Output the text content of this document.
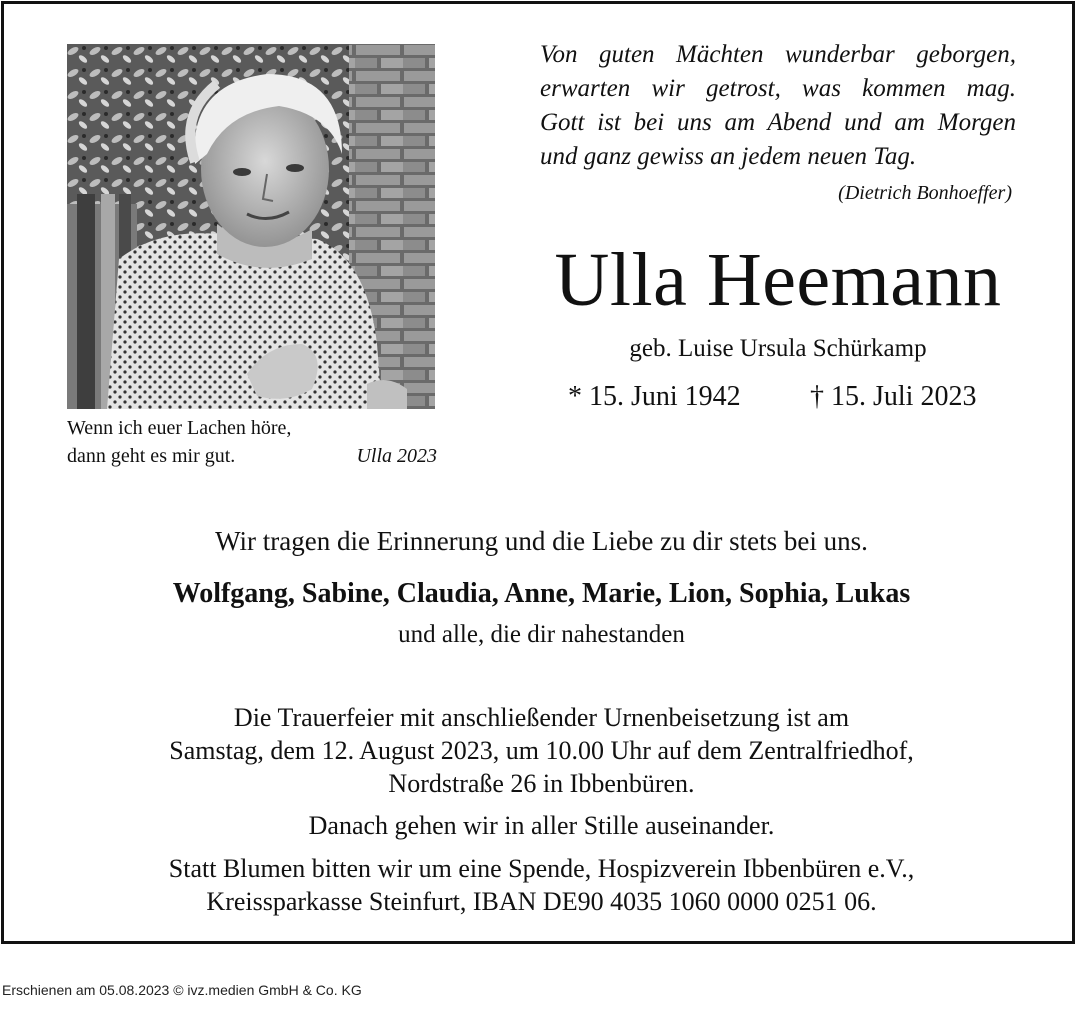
Wenn ich euer Lachen höre,
dann geht es mir gut.	Ulla 2023
Von guten Mächten wunderbar geborgen,
erwarten wir getrost, was kommen mag.
Gott ist bei uns am Abend und am Morgen
und ganz gewiss an jedem neuen Tag.
(Dietrich Bonhoeffer)
Ulla Heemann
geb. Luise Ursula Schürkamp
* 15. Juni 1942 † 15. Juli 2023
Wir tragen die Erinnerung und die Liebe zu dir stets bei uns.
Wolfgang, Sabine, Claudia, Anne, Marie, Lion, Sophia, Lukas
und alle, die dir nahestanden
Die Trauerfeier mit anschließender Urnenbeisetzung ist am
Samstag, dem 12. August 2023, um 10.00 Uhr auf dem Zentralfriedhof,
Nordstraße 26 in Ibbenbüren.
Danach gehen wir in aller Stille auseinander.
Statt Blumen bitten wir um eine Spende, Hospizverein Ibbenbüren e.V.,
Kreissparkasse Steinfurt, IBAN DE90 4035 1060 0000 0251 06.
Erschienen am 05.08.2023 © ivz.medien GmbH & Co. KG
